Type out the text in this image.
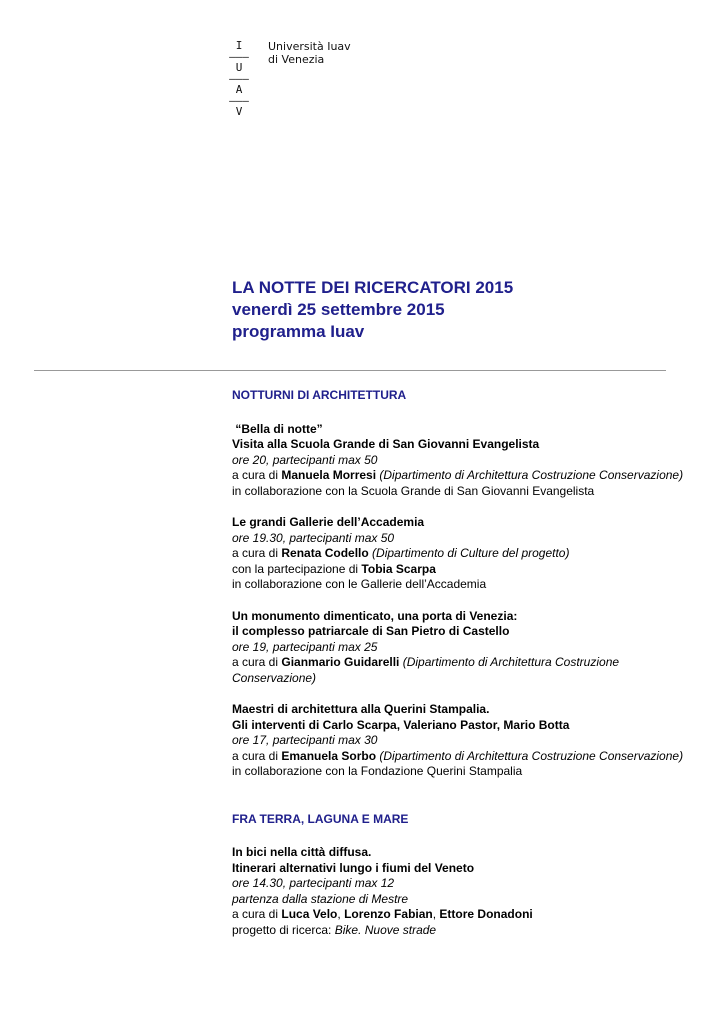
I
–––
U
–––
A
–––
V
Università Iuav
di Venezia
LA NOTTE DEI RICERCATORI 2015
venerdì 25 settembre 2015
programma Iuav

NOTTURNI DI ARCHITETTURA

“Bella di notte”

Visita alla Scuola Grande di San Giovanni Evangelista

ore 20, partecipanti max 50

a cura di Manuela Morresi (Dipartimento di Architettura Costruzione Conservazione)

in collaborazione con la Scuola Grande di San Giovanni Evangelista

Le grandi Gallerie dell’Accademia

ore 19.30, partecipanti max 50

a cura di Renata Codello (Dipartimento di Culture del progetto)

con la partecipazione di Tobia Scarpa

in collaborazione con le Gallerie dell’Accademia

Un monumento dimenticato, una porta di Venezia:

il complesso patriarcale di San Pietro di Castello

ore 19, partecipanti max 25

a cura di Gianmario Guidarelli (Dipartimento di Architettura Costruzione Conservazione)

Maestri di architettura alla Querini Stampalia.

Gli interventi di Carlo Scarpa, Valeriano Pastor, Mario Botta

ore 17, partecipanti max 30

a cura di Emanuela Sorbo (Dipartimento di Architettura Costruzione Conservazione)

in collaborazione con la Fondazione Querini Stampalia

FRA TERRA, LAGUNA E MARE

In bici nella città diffusa.

Itinerari alternativi lungo i fiumi del Veneto

ore 14.30, partecipanti max 12

partenza dalla stazione di Mestre

a cura di Luca Velo, Lorenzo Fabian, Ettore Donadoni

progetto di ricerca: Bike. Nuove strade
